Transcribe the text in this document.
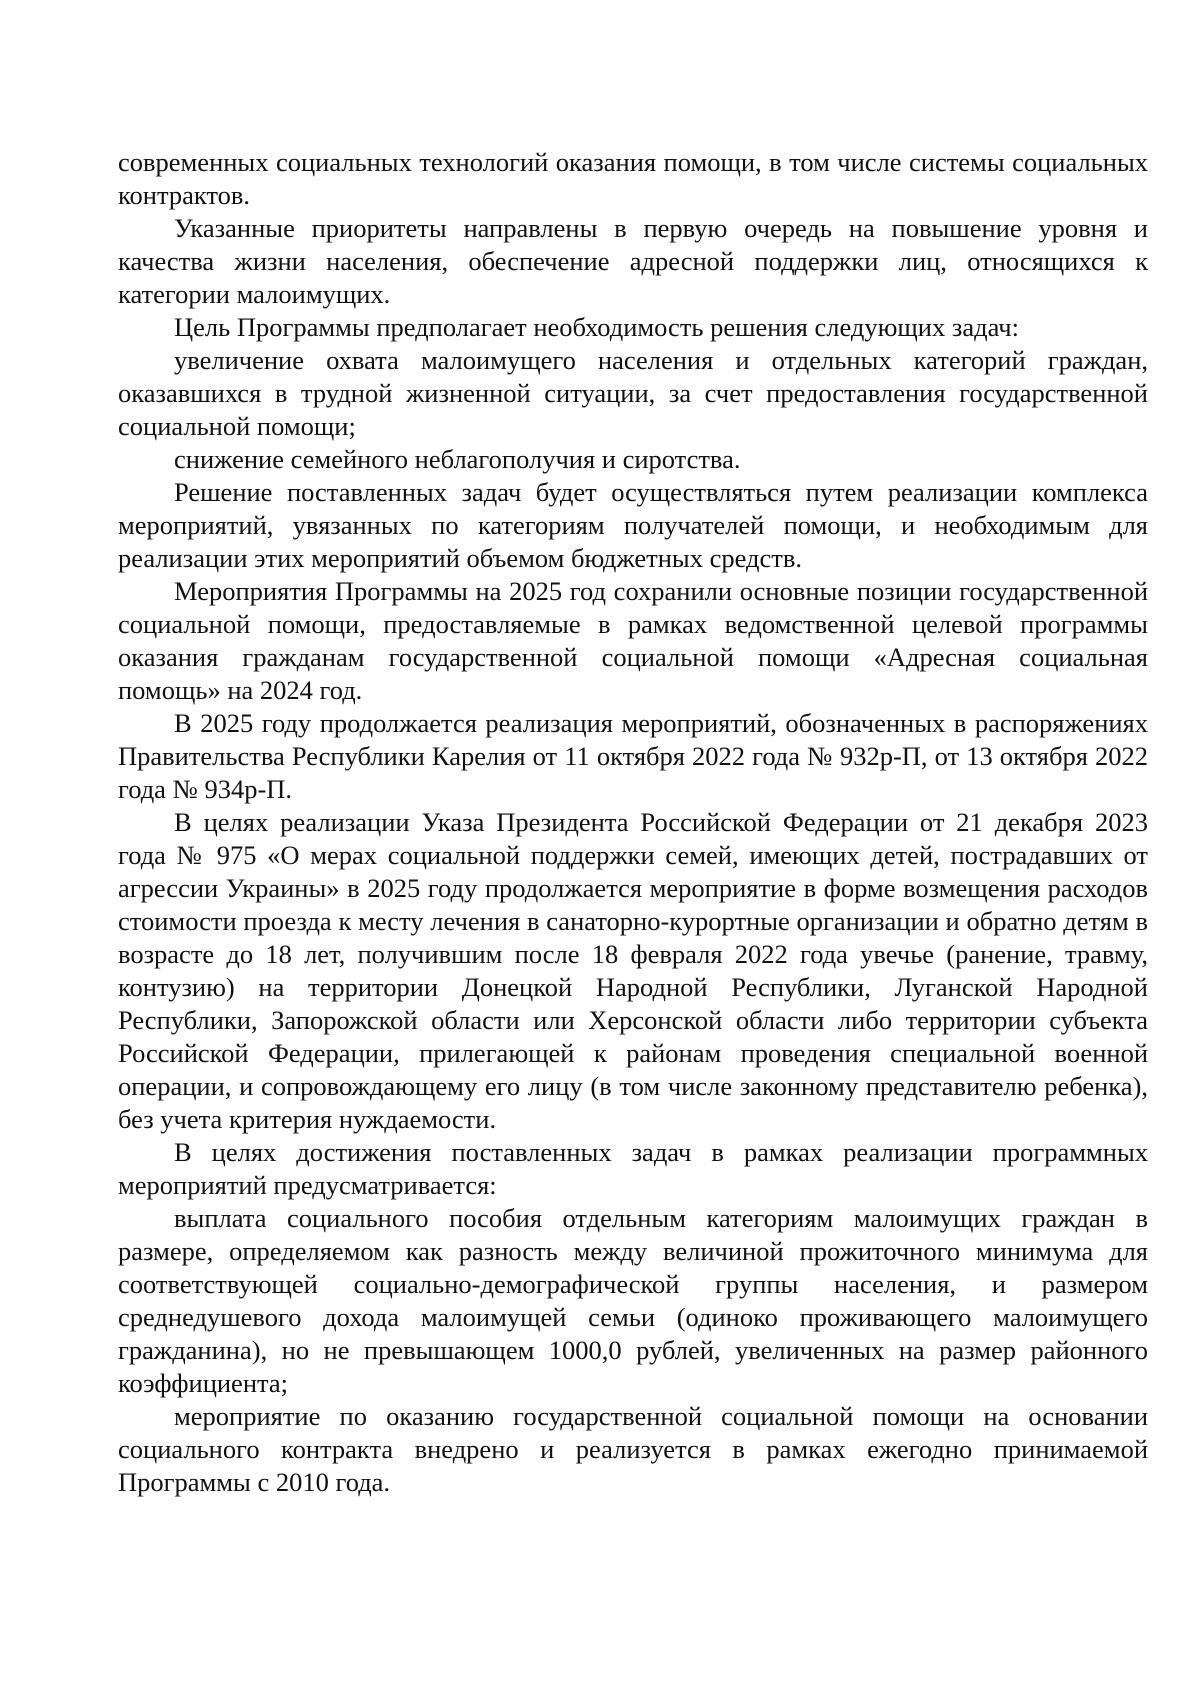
современных социальных технологий оказания помощи, в том числе системы социальных контрактов.

Указанные приоритеты направлены в первую очередь на повышение уровня и качества жизни населения, обеспечение адресной поддержки лиц, относящихся к категории малоимущих.

Цель Программы предполагает необходимость решения следующих задач:

увеличение охвата малоимущего населения и отдельных категорий граждан, оказавшихся в трудной жизненной ситуации, за счет предоставления государственной социальной помощи;

снижение семейного неблагополучия и сиротства.

Решение поставленных задач будет осуществляться путем реализации комплекса мероприятий, увязанных по категориям получателей помощи, и необходимым для реализации этих мероприятий объемом бюджетных средств.

Мероприятия Программы на 2025 год сохранили основные позиции государственной социальной помощи, предоставляемые в рамках ведомственной целевой программы оказания гражданам государственной социальной помощи «Адресная социальная помощь» на 2024 год.

В 2025 году продолжается реализация мероприятий, обозначенных в распоряжениях Правительства Республики Карелия от 11 октября 2022 года № 932р-П, от 13 октября 2022 года № 934р-П.

В целях реализации Указа Президента Российской Федерации от 21 декабря 2023 года № 975 «О мерах социальной поддержки семей, имеющих детей, пострадавших от агрессии Украины» в 2025 году продолжается мероприятие в форме возмещения расходов стоимости проезда к месту лечения в санаторно-курортные организации и обратно детям в возрасте до 18 лет, получившим после 18 февраля 2022 года увечье (ранение, травму, контузию) на территории Донецкой Народной Республики, Луганской Народной Республики, Запорожской области или Херсонской области либо территории субъекта Российской Федерации, прилегающей к районам проведения специальной военной операции, и сопровождающему его лицу (в том числе законному представителю ребенка), без учета критерия нуждаемости.

В целях достижения поставленных задач в рамках реализации программных мероприятий предусматривается:

выплата социального пособия отдельным категориям малоимущих граждан в размере, определяемом как разность между величиной прожиточного минимума для соответствующей социально-демографической группы населения, и размером среднедушевого дохода малоимущей семьи (одиноко проживающего малоимущего гражданина), но не превышающем 1000,0 рублей, увеличенных на размер районного коэффициента;

мероприятие по оказанию государственной социальной помощи на основании социального контракта внедрено и реализуется в рамках ежегодно принимаемой Программы с 2010 года.
